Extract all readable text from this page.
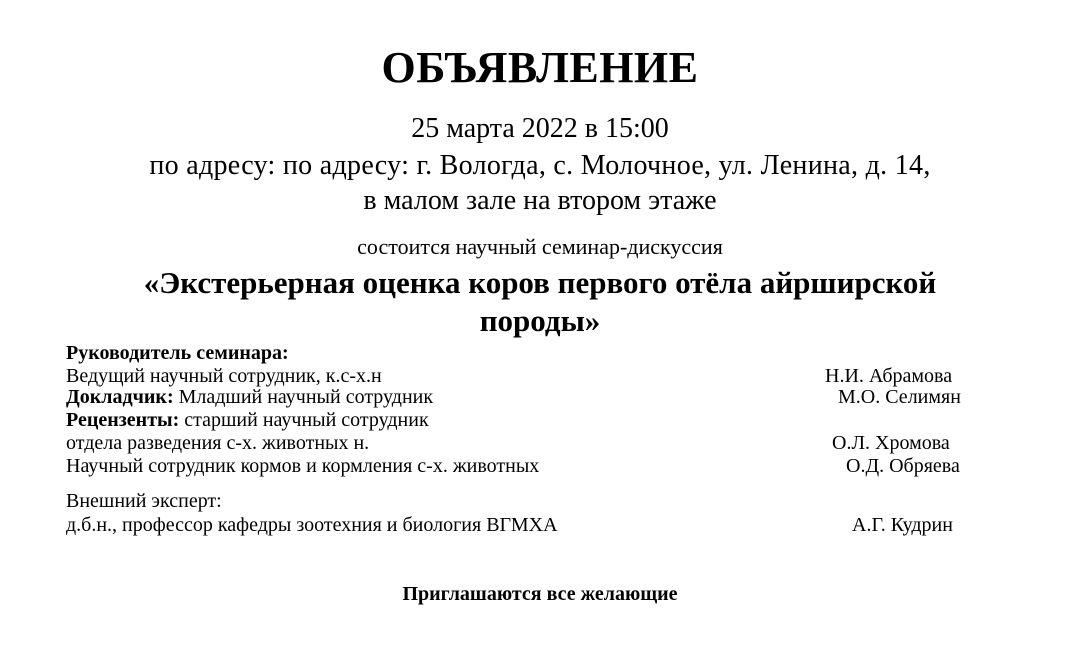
ОБЪЯВЛЕНИЕ
25 марта 2022 в 15:00
по адресу: по адресу: г. Вологда, с. Молочное, ул. Ленина, д. 14,
в малом зале на втором этаже
состоится научный семинар-дискуссия
«Экстерьерная оценка коров первого отёла айрширской
породы»
Руководитель семинара:
Ведущий научный сотрудник, к.с-х.н	Н.И. Абрамова
Докладчик: Младший научный сотрудник	М.О. Селимян
Рецензенты: старший научный сотрудник
отдела разведения с-х. животных н.	О.Л. Хромова
Научный сотрудник кормов и кормления с-х. животных	О.Д. Обряева
Внешний эксперт:
д.б.н., профессор кафедры зоотехния и биология ВГМХА	А.Г. Кудрин
Приглашаются все желающие
